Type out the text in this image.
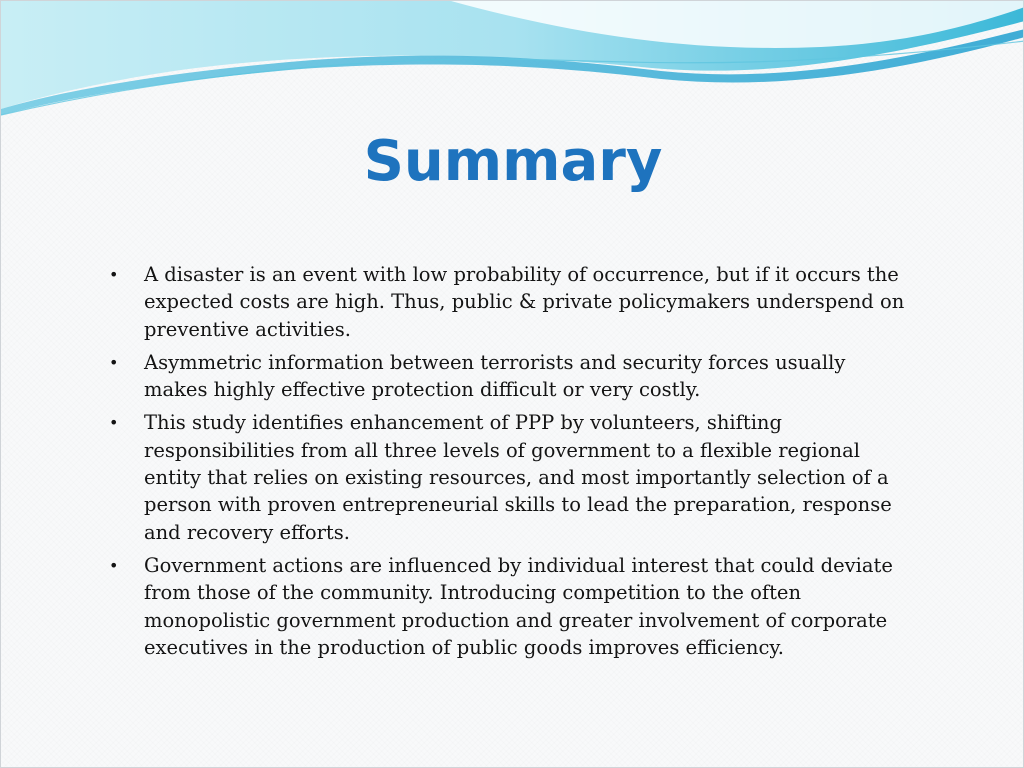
Summary
• A disaster is an event with low probability of occurrence, but if it occurs the expected costs are high. Thus, public & private policymakers underspend on preventive activities.
• Asymmetric information between terrorists and security forces usually makes highly effective protection difficult or very costly.
• This study identifies enhancement of PPP by volunteers, shifting responsibilities from all three levels of government to a flexible regional entity that relies on existing resources, and most importantly selection of a person with proven entrepreneurial skills to lead the preparation, response and recovery efforts.
• Government actions are influenced by individual interest that could deviate from those of the community. Introducing competition to the often monopolistic government production and greater involvement of corporate executives in the production of public goods improves efficiency.
